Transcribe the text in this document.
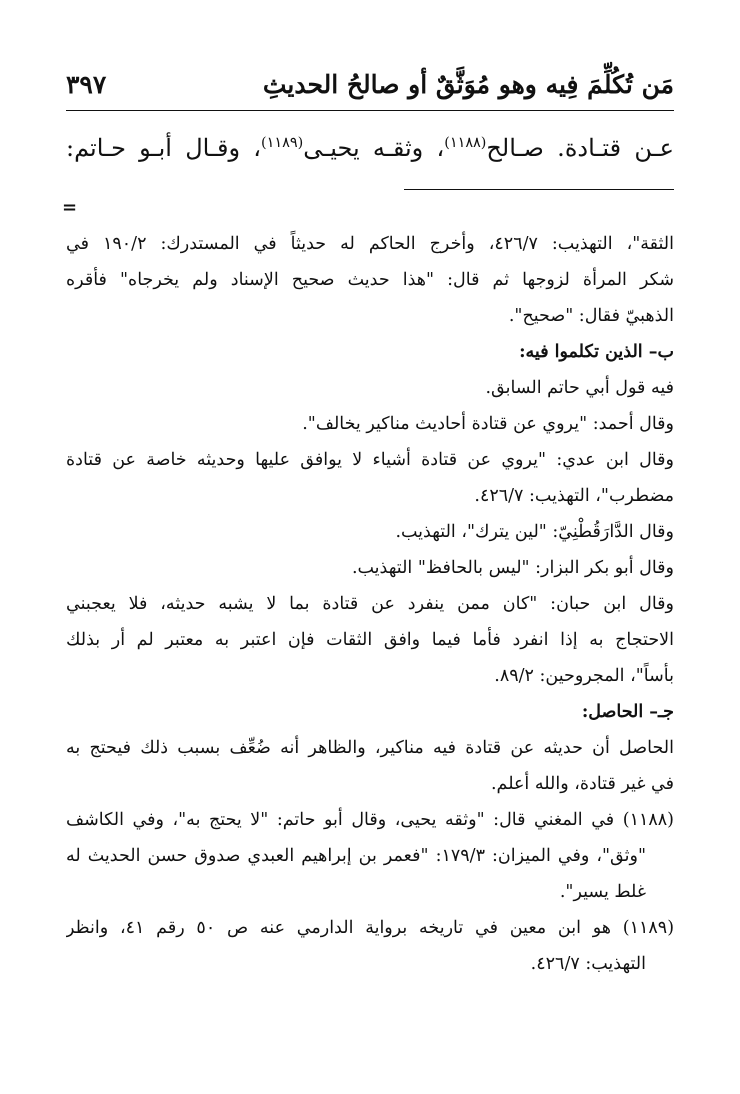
مَن تُكُلِّمَ فِيه وهو مُوَثَّقٌ أو صالحُ الحديثِ
٣٩٧
عـن قتـادة. صـالح$^{(١١٨٨)}$، وثقـه يحيـى$^{(١١٨٩)}$، وقـال أبـو حـاتم:
=
الثقة"، التهذيب: ٤٢٦/٧، وأخرج الحاكم له حديثاً في المستدرك: ١٩٠/٢ في
شكر المرأة لزوجها ثم قال: "هذا حديث صحيح الإسناد ولم يخرجاه" فأقره
الذهبيّ فقال: "صحيح".
ب– الذين تكلموا فيه:
فيه قول أبي حاتم السابق.
وقال أحمد: "يروي عن قتادة أحاديث مناكير يخالف".
وقال ابن عدي: "يروي عن قتادة أشياء لا يوافق عليها وحديثه خاصة عن قتادة
مضطرب"، التهذيب: ٤٢٦/٧.
وقال الدَّارَقُطْنِيّ: "لين يترك"، التهذيب.
وقال أبو بكر البزار: "ليس بالحافظ" التهذيب.
وقال ابن حبان: "كان ممن ينفرد عن قتادة بما لا يشبه حديثه، فلا يعجبني
الاحتجاج به إذا انفرد فأما فيما وافق الثقات فإن اعتبر به معتبر لم أر بذلك
بأساً"، المجروحين: ٨٩/٢.
جـ– الحاصل:
الحاصل أن حديثه عن قتادة فيه مناكير، والظاهر أنه ضُعِّف بسبب ذلك فيحتج به
في غير قتادة، والله أعلم.
(١١٨٨) في المغني قال: "وثقه يحيى، وقال أبو حاتم: "لا يحتج به"، وفي الكاشف
"وثق"، وفي الميزان: ١٧٩/٣: "فعمر بن إبراهيم العبدي صدوق حسن الحديث له
غلط يسير".
(١١٨٩) هو ابن معين في تاريخه برواية الدارمي عنه ص ٥٠ رقم ٤١، وانظر
التهذيب: ٤٢٦/٧.
